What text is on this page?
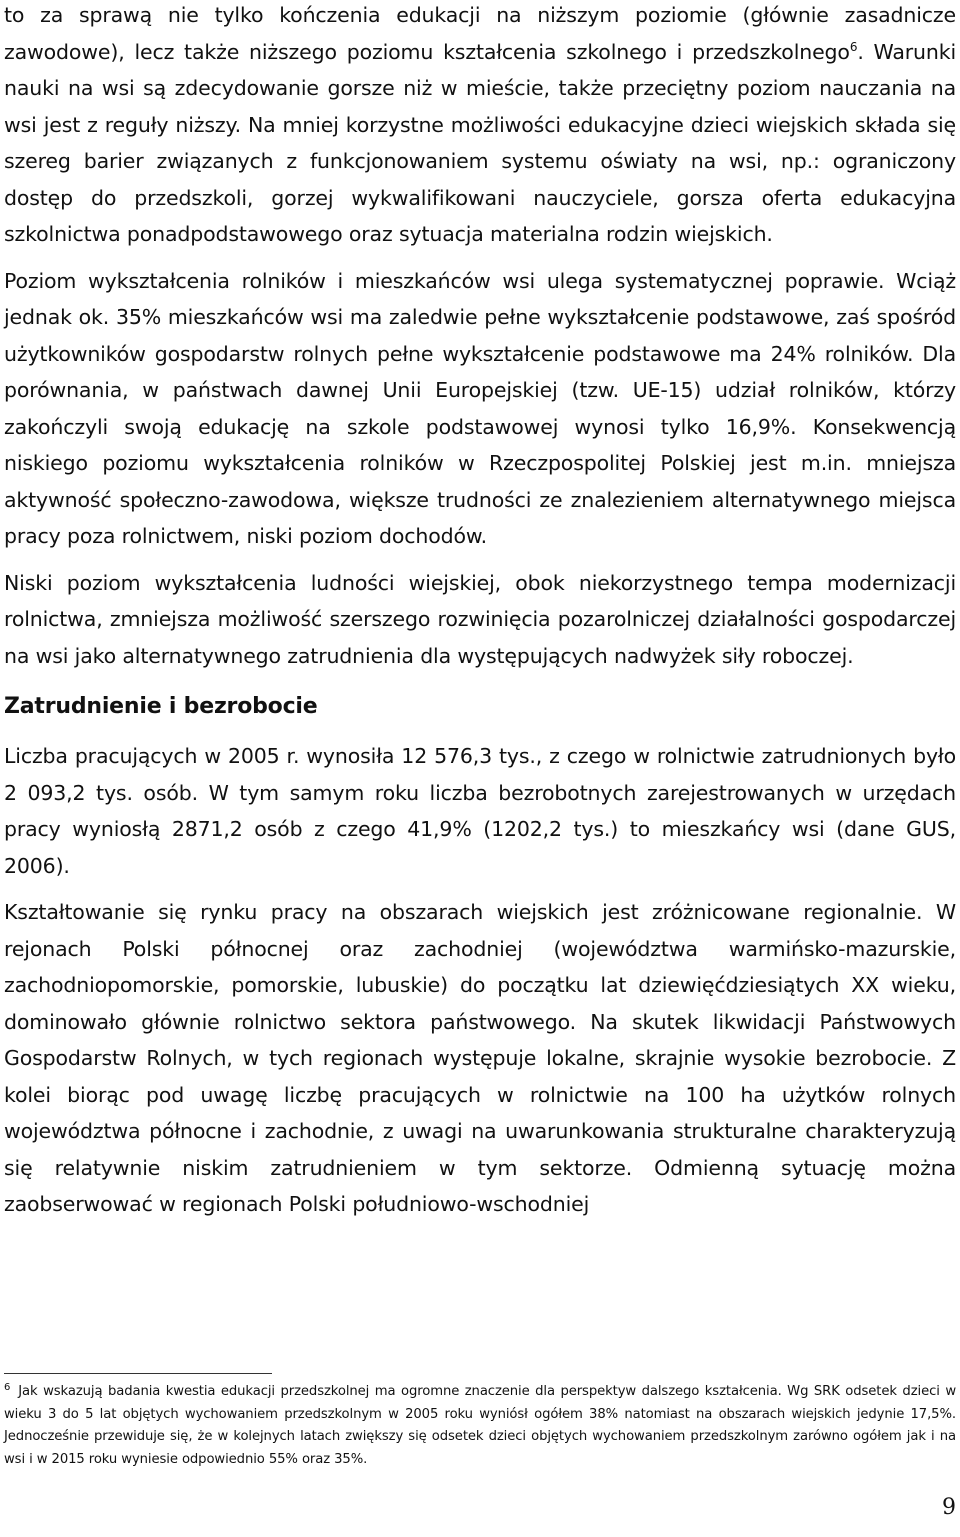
to za sprawą nie tylko kończenia edukacji na niższym poziomie (głównie zasadnicze zawodowe), lecz także niższego poziomu kształcenia szkolnego i przedszkolnego$^6$. Warunki nauki na wsi są zdecydowanie gorsze niż w mieście, także przeciętny poziom nauczania na wsi jest z reguły niższy. Na mniej korzystne możliwości edukacyjne dzieci wiejskich składa się szereg barier związanych z funkcjonowaniem systemu oświaty na wsi, np.: ograniczony dostęp do przedszkoli, gorzej wykwalifikowani nauczyciele, gorsza oferta edukacyjna szkolnictwa ponadpodstawowego oraz sytuacja materialna rodzin wiejskich.

Poziom wykształcenia rolników i mieszkańców wsi ulega systematycznej poprawie. Wciąż jednak ok. 35% mieszkańców wsi ma zaledwie pełne wykształcenie podstawowe, zaś spośród użytkowników gospodarstw rolnych pełne wykształcenie podstawowe ma 24% rolników. Dla porównania, w państwach dawnej Unii Europejskiej (tzw. UE-15) udział rolników, którzy zakończyli swoją edukację na szkole podstawowej wynosi tylko 16,9%. Konsekwencją niskiego poziomu wykształcenia rolników w Rzeczpospolitej Polskiej jest m.in. mniejsza aktywność społeczno-zawodowa, większe trudności ze znalezieniem alternatywnego miejsca pracy poza rolnictwem, niski poziom dochodów.

Niski poziom wykształcenia ludności wiejskiej, obok niekorzystnego tempa modernizacji rolnictwa, zmniejsza możliwość szerszego rozwinięcia pozarolniczej działalności gospodarczej na wsi jako alternatywnego zatrudnienia dla występujących nadwyżek siły roboczej.

Zatrudnienie i bezrobocie

Liczba pracujących w 2005 r. wynosiła 12 576,3 tys., z czego w rolnictwie zatrudnionych było 2 093,2 tys. osób. W tym samym roku liczba bezrobotnych zarejestrowanych w urzędach pracy wyniosłą 2871,2 osób z czego 41,9% (1202,2 tys.) to mieszkańcy wsi (dane GUS, 2006).

Kształtowanie się rynku pracy na obszarach wiejskich jest zróżnicowane regionalnie. W rejonach Polski północnej oraz zachodniej (województwa warmińsko-mazurskie, zachodniopomorskie, pomorskie, lubuskie) do początku lat dziewięćdziesiątych XX wieku, dominowało głównie rolnictwo sektora państwowego. Na skutek likwidacji Państwowych Gospodarstw Rolnych, w tych regionach występuje lokalne, skrajnie wysokie bezrobocie. Z kolei biorąc pod uwagę liczbę pracujących w rolnictwie na 100 ha użytków rolnych województwa północne i zachodnie, z uwagi na uwarunkowania strukturalne charakteryzują się relatywnie niskim zatrudnieniem w tym sektorze. Odmienną sytuację można zaobserwować w regionach Polski południowo-wschodniej

$^6$ Jak wskazują badania kwestia edukacji przedszkolnej ma ogromne znaczenie dla perspektyw dalszego kształcenia. Wg SRK odsetek dzieci w wieku 3 do 5 lat objętych wychowaniem przedszkolnym w 2005 roku wyniósł ogółem 38% natomiast na obszarach wiejskich jedynie 17,5%. Jednocześnie przewiduje się, że w kolejnych latach zwiększy się odsetek dzieci objętych wychowaniem przedszkolnym zarówno ogółem jak i na wsi i w 2015 roku wyniesie odpowiednio 55% oraz 35%.

9
